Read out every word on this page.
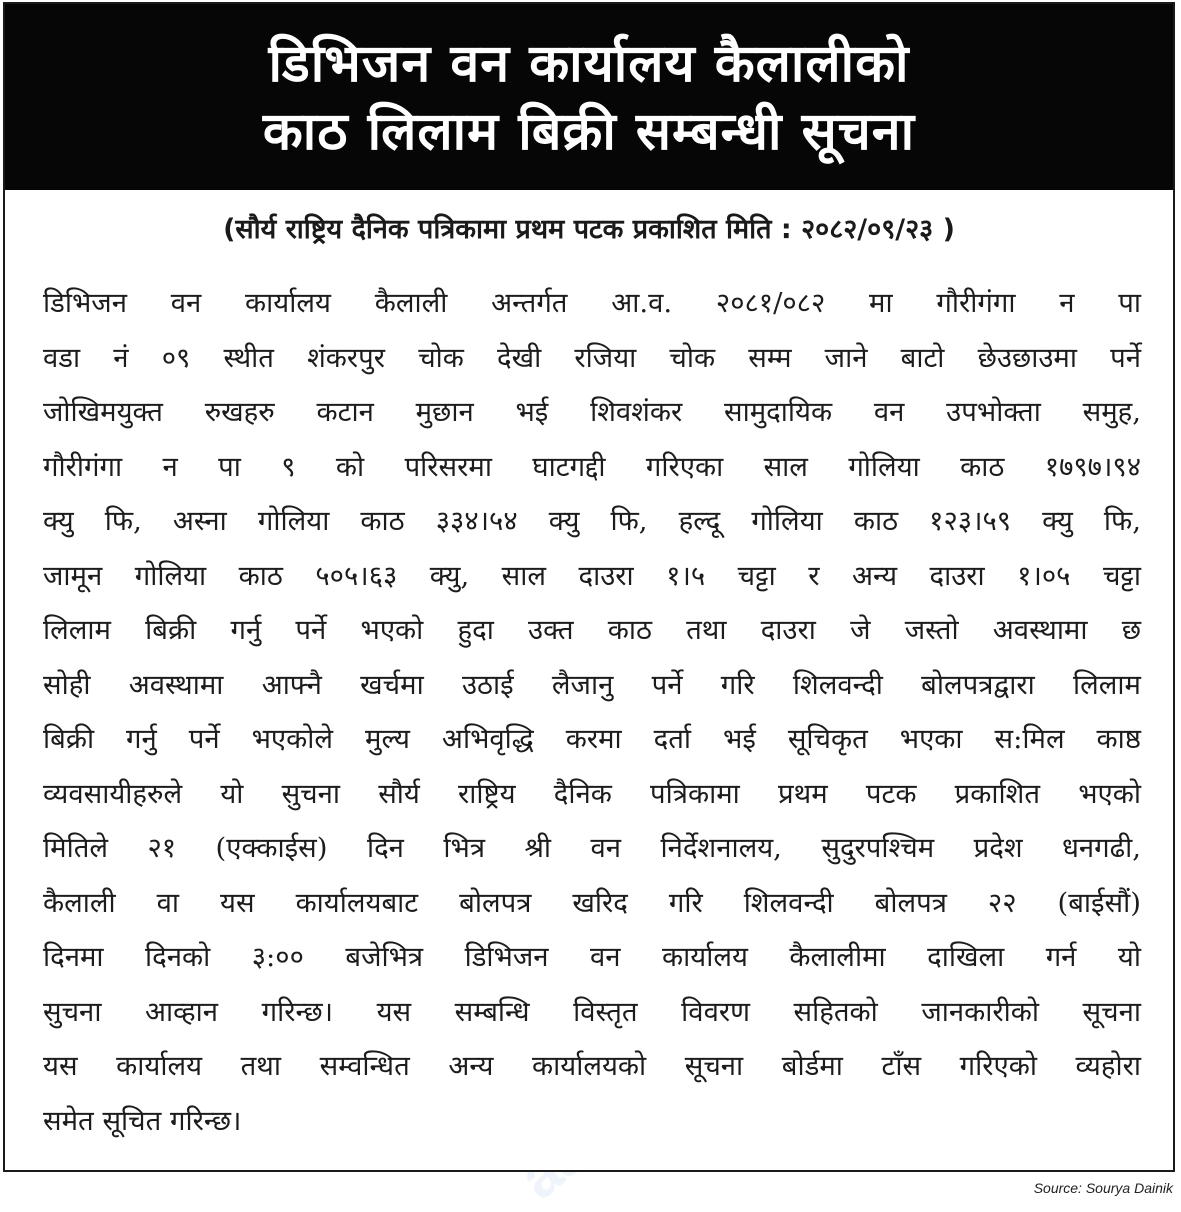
डिभिजन वन कार्यालय कैलालीको
काठ लिलाम बिक्री सम्बन्धी सूचना
(सौर्य राष्ट्रिय दैनिक पत्रिकामा प्रथम पटक प्रकाशित मिति : २०८२/०९/२३ )
डिभिजन वन कार्यालय कैलाली अन्तर्गत आ.व. २०८१/०८२ मा गौरीगंगा न पा
वडा नं ०९ स्थीत शंकरपुर चोक देखी रजिया चोक सम्म जाने बाटो छेउछाउमा पर्ने
जोखिमयुक्त रुखहरु कटान मुछान भई शिवशंकर सामुदायिक वन उपभोक्ता समुह,
गौरीगंगा न पा ९ को परिसरमा घाटगद्दी गरिएका साल गोलिया काठ १७९७।९४
क्यु फि, अस्ना गोलिया काठ ३३४।५४ क्यु फि, हल्दू गोलिया काठ १२३।५९ क्यु फि,
जामून गोलिया काठ ५०५।६३ क्यु, साल दाउरा १।५ चट्टा र अन्य दाउरा १।०५ चट्टा
लिलाम बिक्री गर्नु पर्ने भएको हुदा उक्त काठ तथा दाउरा जे जस्तो अवस्थामा छ
सोही अवस्थामा आफ्नै खर्चमा उठाई लैजानु पर्ने गरि शिलवन्दी बोलपत्रद्वारा लिलाम
बिक्री गर्नु पर्ने भएकोले मुल्य अभिवृद्धि करमा दर्ता भई सूचिकृत भएका स:मिल काष्ठ
व्यवसायीहरुले यो सुचना सौर्य राष्ट्रिय दैनिक पत्रिकामा प्रथम पटक प्रकाशित भएको
मितिले २१ (एक्काईस) दिन भित्र श्री वन निर्देशनालय, सुदुरपश्चिम प्रदेश धनगढी,
कैलाली वा यस कार्यालयबाट बोलपत्र खरिद गरि शिलवन्दी बोलपत्र २२ (बाईसौं)
दिनमा दिनको ३:०० बजेभित्र डिभिजन वन कार्यालय कैलालीमा दाखिला गर्न यो
सुचना आव्हान गरिन्छ। यस सम्बन्धि विस्तृत विवरण सहितको जानकारीको सूचना
यस कार्यालय तथा सम्वन्धित अन्य कार्यालयको सूचना बोर्डमा टाँस गरिएको व्यहोरा
समेत सूचित गरिन्छ।
Source: Sourya Dainik
